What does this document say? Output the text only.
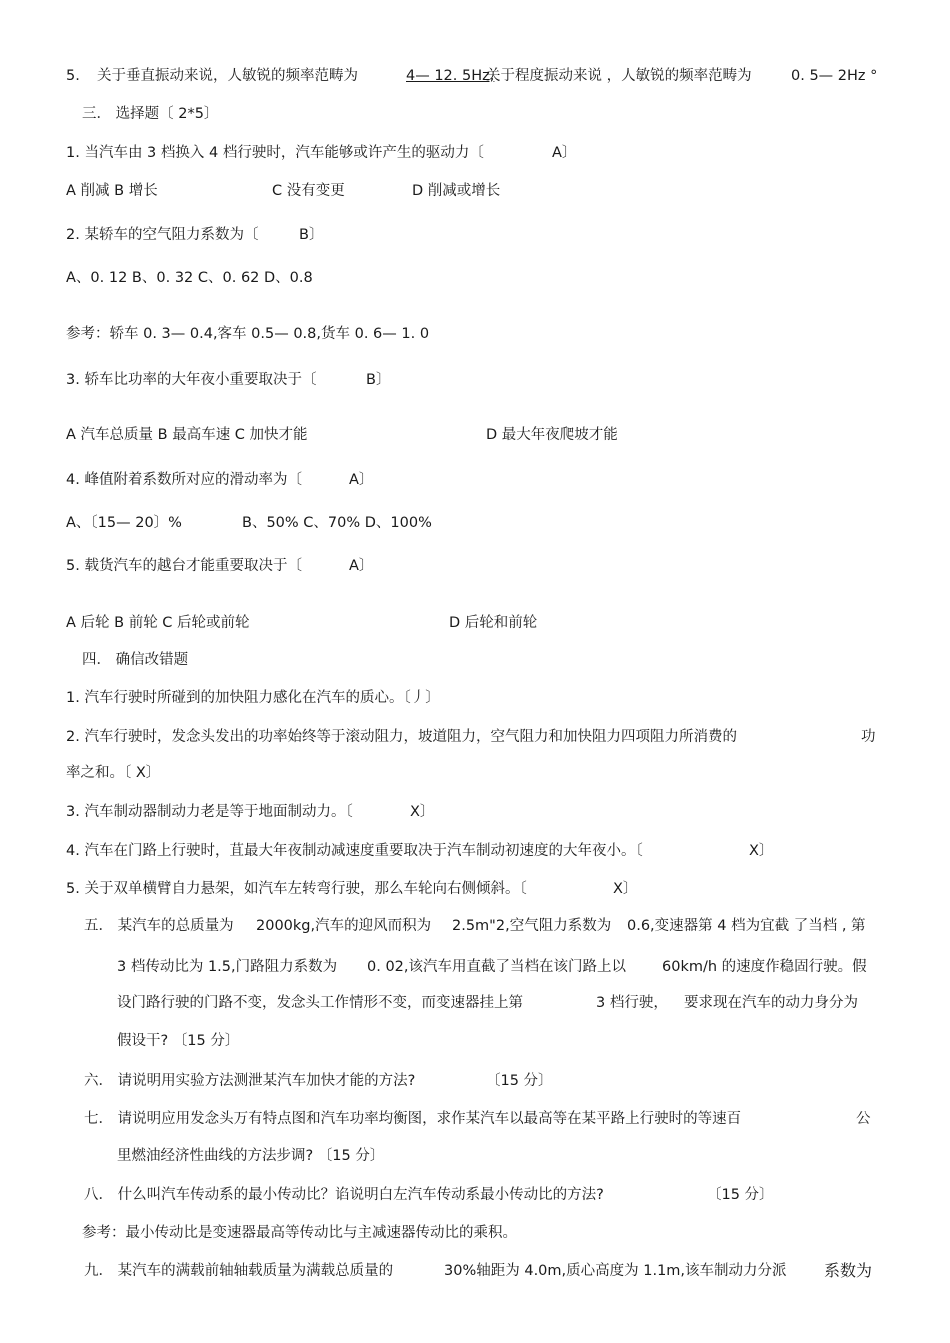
5. 关于垂直振动来说，人敏锐的频率范畴为	4— 12. 5Hz,
关于程度振动来说 ，人敏锐的频率范畴为	0. 5— 2Hz °
三． 选择题〔 2*5〕
1. 当汽车由 3 档换入 4 档行驶时，汽车能够或许产生的驱动力〔	A〕
A 削减 B 增长	C 没有变更	D 削减或增长
2. 某轿车的空气阻力系数为〔	B〕
A、0. 12 B、0. 32 C、0. 62 D、0.8
参考：轿车 0. 3— 0.4,客车 0.5— 0.8,货车 0. 6— 1. 0
3. 轿车比功率的大年夜小重要取决于〔	B〕
A 汽车总质量 B 最高车速 C 加快才能	D 最大年夜爬坡才能
4. 峰值附着系数所对应的滑动率为〔	A〕
A、〔15— 20〕%	B、50% C、70% D、100%
5. 载货汽车的越台才能重要取决于〔	A〕
A 后轮 B 前轮 C 后轮或前轮	D 后轮和前轮
四． 确信改错题
1. 汽车行驶时所碰到的加快阻力感化在汽车的质心。〔丿〕
2. 汽车行驶时，发念头发出的功率始终等于滚动阻力，坡道阻力，空气阻力和加快阻力四项阻力所消费的	功
率之和。〔 X〕
3. 汽车制动器制动力老是等于地面制动力。〔	X〕
4. 汽车在门路上行驶时，苴最大年夜制动减速度重要取决于汽车制动初速度的大年夜小。〔	X〕
5. 关于双单横臂自力悬架，如汽车左转弯行驶，那么车轮向右侧倾斜。〔	X〕
五． 某汽车的总质量为 2000kg,汽车的迎风而积为 2.5m"2,空气阻力系数为 0.6,变速器第 4 档为宜截 了当档 , 第
3 档传动比为 1.5,门路阻力系数为 0. 02,该汽车用直截了当档在该门路上以 60km/h 的速度作稳固行驶。假
设门路行驶的门路不变，发念头工作情形不变，而变速器挂上第	3 档行驶， 要求现在汽车的动力身分为
假设干? 〔15 分〕
六． 请说明用实验方法测泄某汽车加快才能的方法?	〔15 分〕
七． 请说明应用发念头万有特点图和汽车功率均衡图，求作某汽车以最高等在某平路上行驶时的等速百	公
里燃油经济性曲线的方法步调? 〔15 分〕
八． 什么叫汽车传动系的最小传动比？谄说明白左汽车传动系最小传动比的方法?	〔15 分〕
参考：最小传动比是变速器最高等传动比与主减速器传动比的乘积。
九． 某汽车的满载前轴轴载质量为满载总质量的	30%轴距为 4.0m,质心高度为 1.1m,该车制动力分派 系数为
